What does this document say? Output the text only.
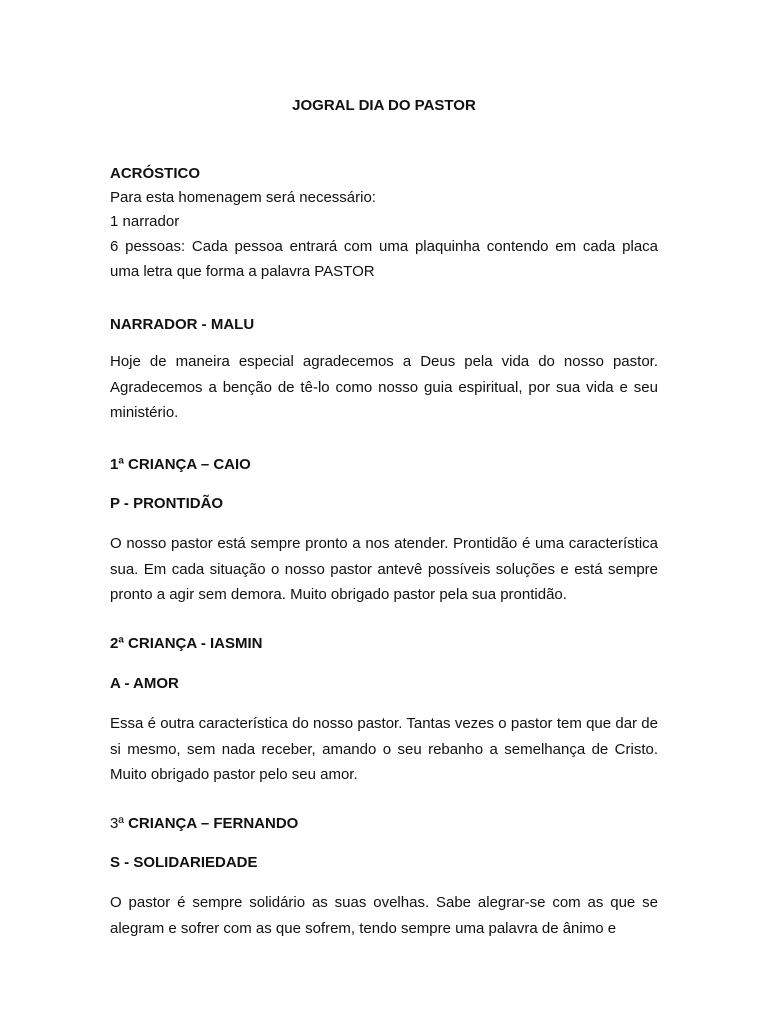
JOGRAL DIA DO PASTOR
ACRÓSTICO
Para esta homenagem será necessário:
1 narrador
6 pessoas: Cada pessoa entrará com uma plaquinha contendo em cada placa uma letra que forma a palavra PASTOR
NARRADOR - MALU
Hoje de maneira especial agradecemos a Deus pela vida do nosso pastor. Agradecemos a benção de tê-lo como nosso guia espiritual, por sua vida e seu ministério.
1ª CRIANÇA – CAIO
P - PRONTIDÃO
O nosso pastor está sempre pronto a nos atender. Prontidão é uma característica sua. Em cada situação o nosso pastor antevê possíveis soluções e está sempre pronto a agir sem demora. Muito obrigado pastor pela sua prontidão.
2ª CRIANÇA - IASMIN
A - AMOR
Essa é outra característica do nosso pastor. Tantas vezes o pastor tem que dar de si mesmo, sem nada receber, amando o seu rebanho a semelhança de Cristo. Muito obrigado pastor pelo seu amor.
3ª CRIANÇA – FERNANDO
S - SOLIDARIEDADE
O pastor é sempre solidário as suas ovelhas. Sabe alegrar-se com as que se alegram e sofrer com as que sofrem, tendo sempre uma palavra de ânimo e
